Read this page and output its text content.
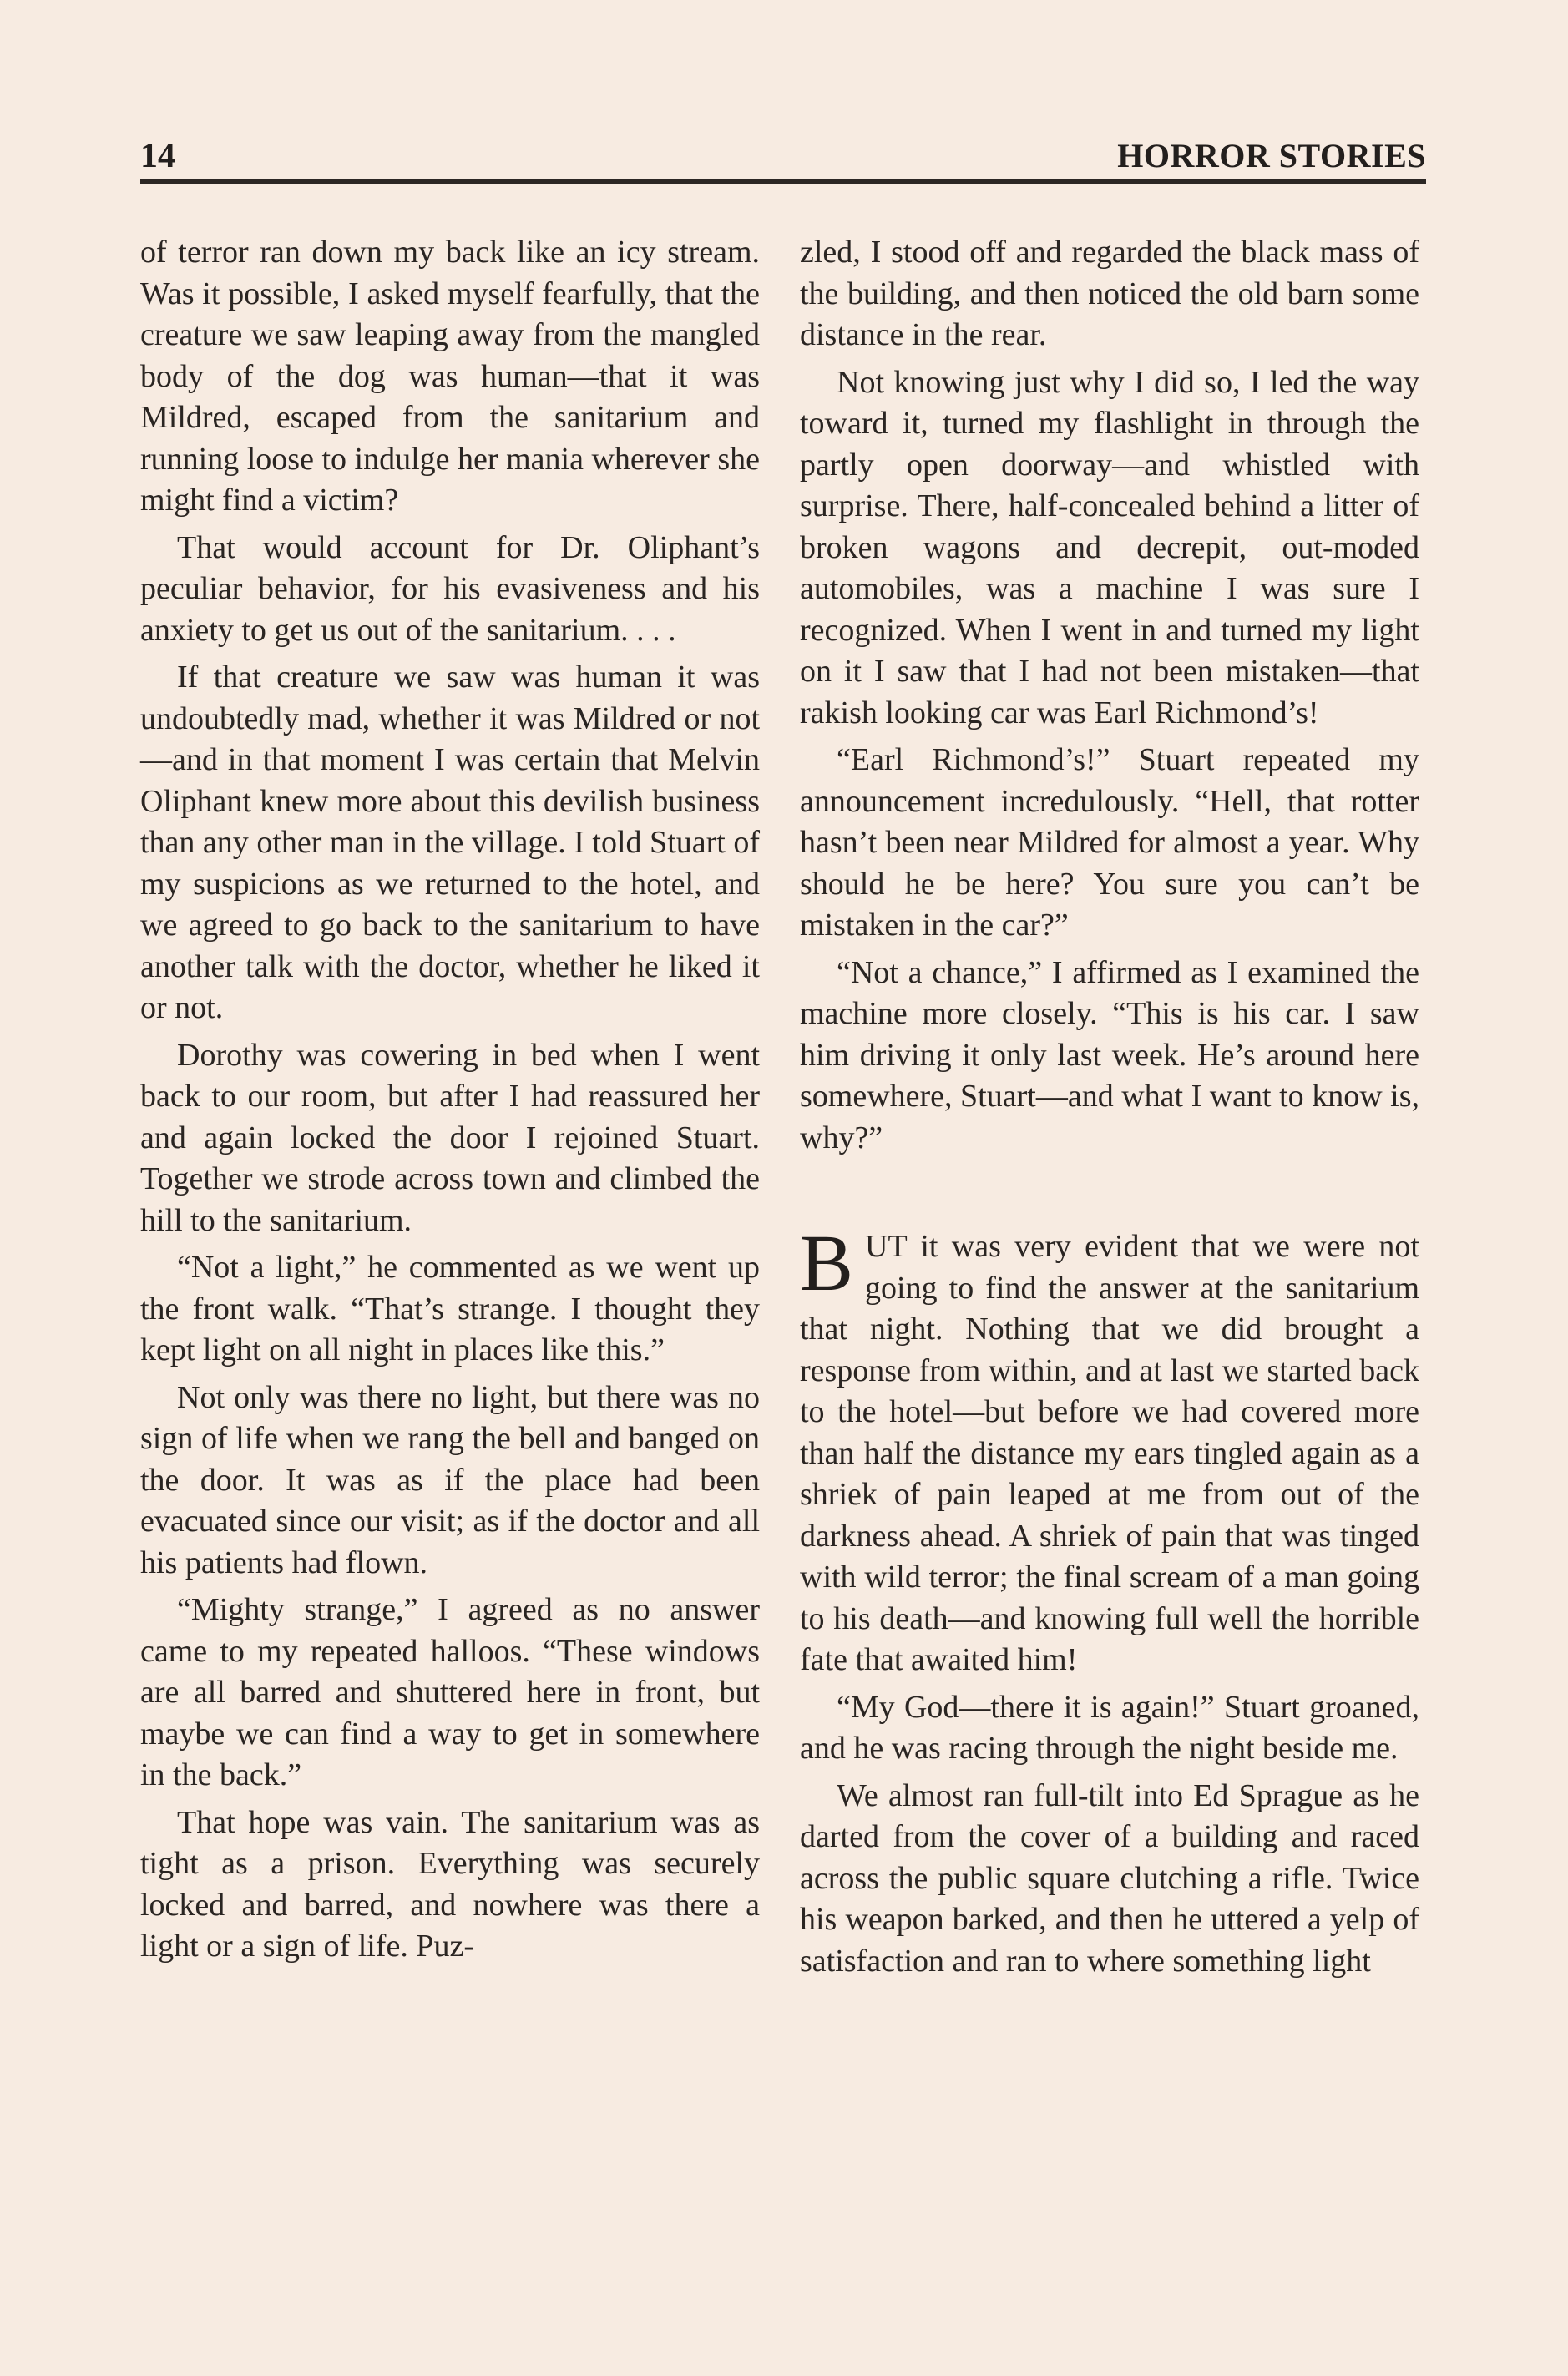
14	HORROR STORIES

of terror ran down my back like an icy stream. Was it possible, I asked myself fearfully, that the creature we saw leaping away from the mangled body of the dog was human—that it was Mildred, escaped from the sanitarium and running loose to indulge her mania wherever she might find a victim?

That would account for Dr. Oliphant’s peculiar behavior, for his evasiveness and his anxiety to get us out of the sanitarium. . . .

If that creature we saw was human it was undoubtedly mad, whether it was Mildred or not—and in that moment I was certain that Melvin Oliphant knew more about this devilish business than any other man in the village. I told Stuart of my suspicions as we returned to the hotel, and we agreed to go back to the sanitarium to have another talk with the doctor, whether he liked it or not.

Dorothy was cowering in bed when I went back to our room, but after I had reassured her and again locked the door I rejoined Stuart. Together we strode across town and climbed the hill to the sanitarium.

“Not a light,” he commented as we went up the front walk. “That’s strange. I thought they kept light on all night in places like this.”

Not only was there no light, but there was no sign of life when we rang the bell and banged on the door. It was as if the place had been evacuated since our visit; as if the doctor and all his patients had flown.

“Mighty strange,” I agreed as no answer came to my repeated halloos. “These windows are all barred and shuttered here in front, but maybe we can find a way to get in somewhere in the back.”

That hope was vain. The sanitarium was as tight as a prison. Everything was securely locked and barred, and nowhere was there a light or a sign of life. Puz-

zled, I stood off and regarded the black mass of the building, and then noticed the old barn some distance in the rear.

Not knowing just why I did so, I led the way toward it, turned my flashlight in through the partly open doorway—and whistled with surprise. There, half-concealed behind a litter of broken wagons and decrepit, out-moded automobiles, was a machine I was sure I recognized. When I went in and turned my light on it I saw that I had not been mistaken—that rakish looking car was Earl Richmond’s!

“Earl Richmond’s!” Stuart repeated my announcement incredulously. “Hell, that rotter hasn’t been near Mildred for almost a year. Why should he be here? You sure you can’t be mistaken in the car?”

“Not a chance,” I affirmed as I examined the machine more closely. “This is his car. I saw him driving it only last week. He’s around here somewhere, Stuart—and what I want to know is, why?”

BUT it was very evident that we were not going to find the answer at the sanitarium that night. Nothing that we did brought a response from within, and at last we started back to the hotel—but before we had covered more than half the distance my ears tingled again as a shriek of pain leaped at me from out of the darkness ahead. A shriek of pain that was tinged with wild terror; the final scream of a man going to his death—and knowing full well the horrible fate that awaited him!

“My God—there it is again!” Stuart groaned, and he was racing through the night beside me.

We almost ran full-tilt into Ed Sprague as he darted from the cover of a building and raced across the public square clutching a rifle. Twice his weapon barked, and then he uttered a yelp of satisfaction and ran to where something light
